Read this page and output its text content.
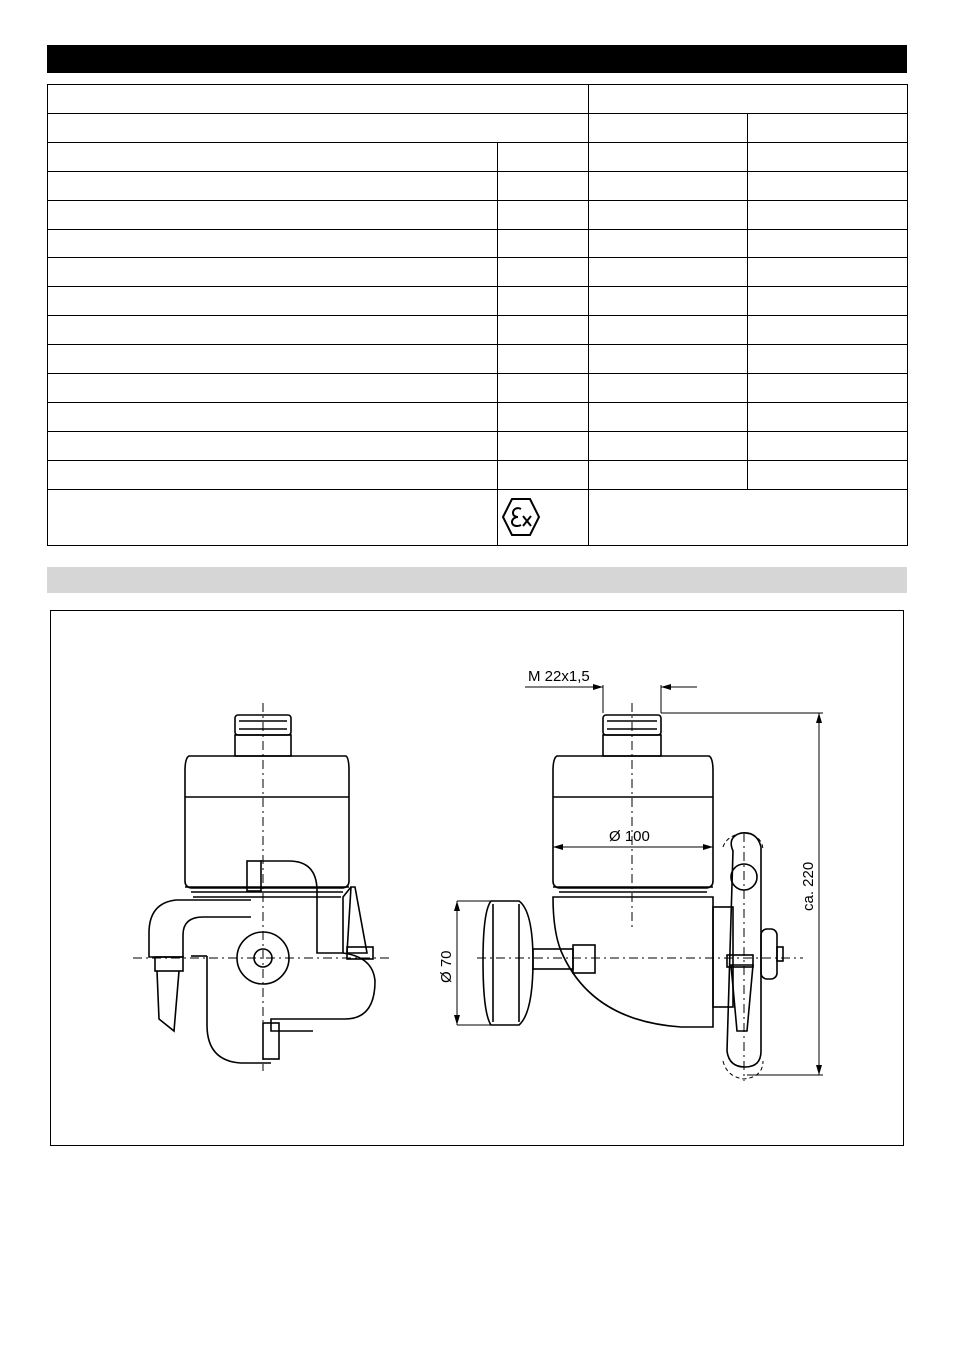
M 22x1,5
Ø 100
Ø 70
ca. 220
